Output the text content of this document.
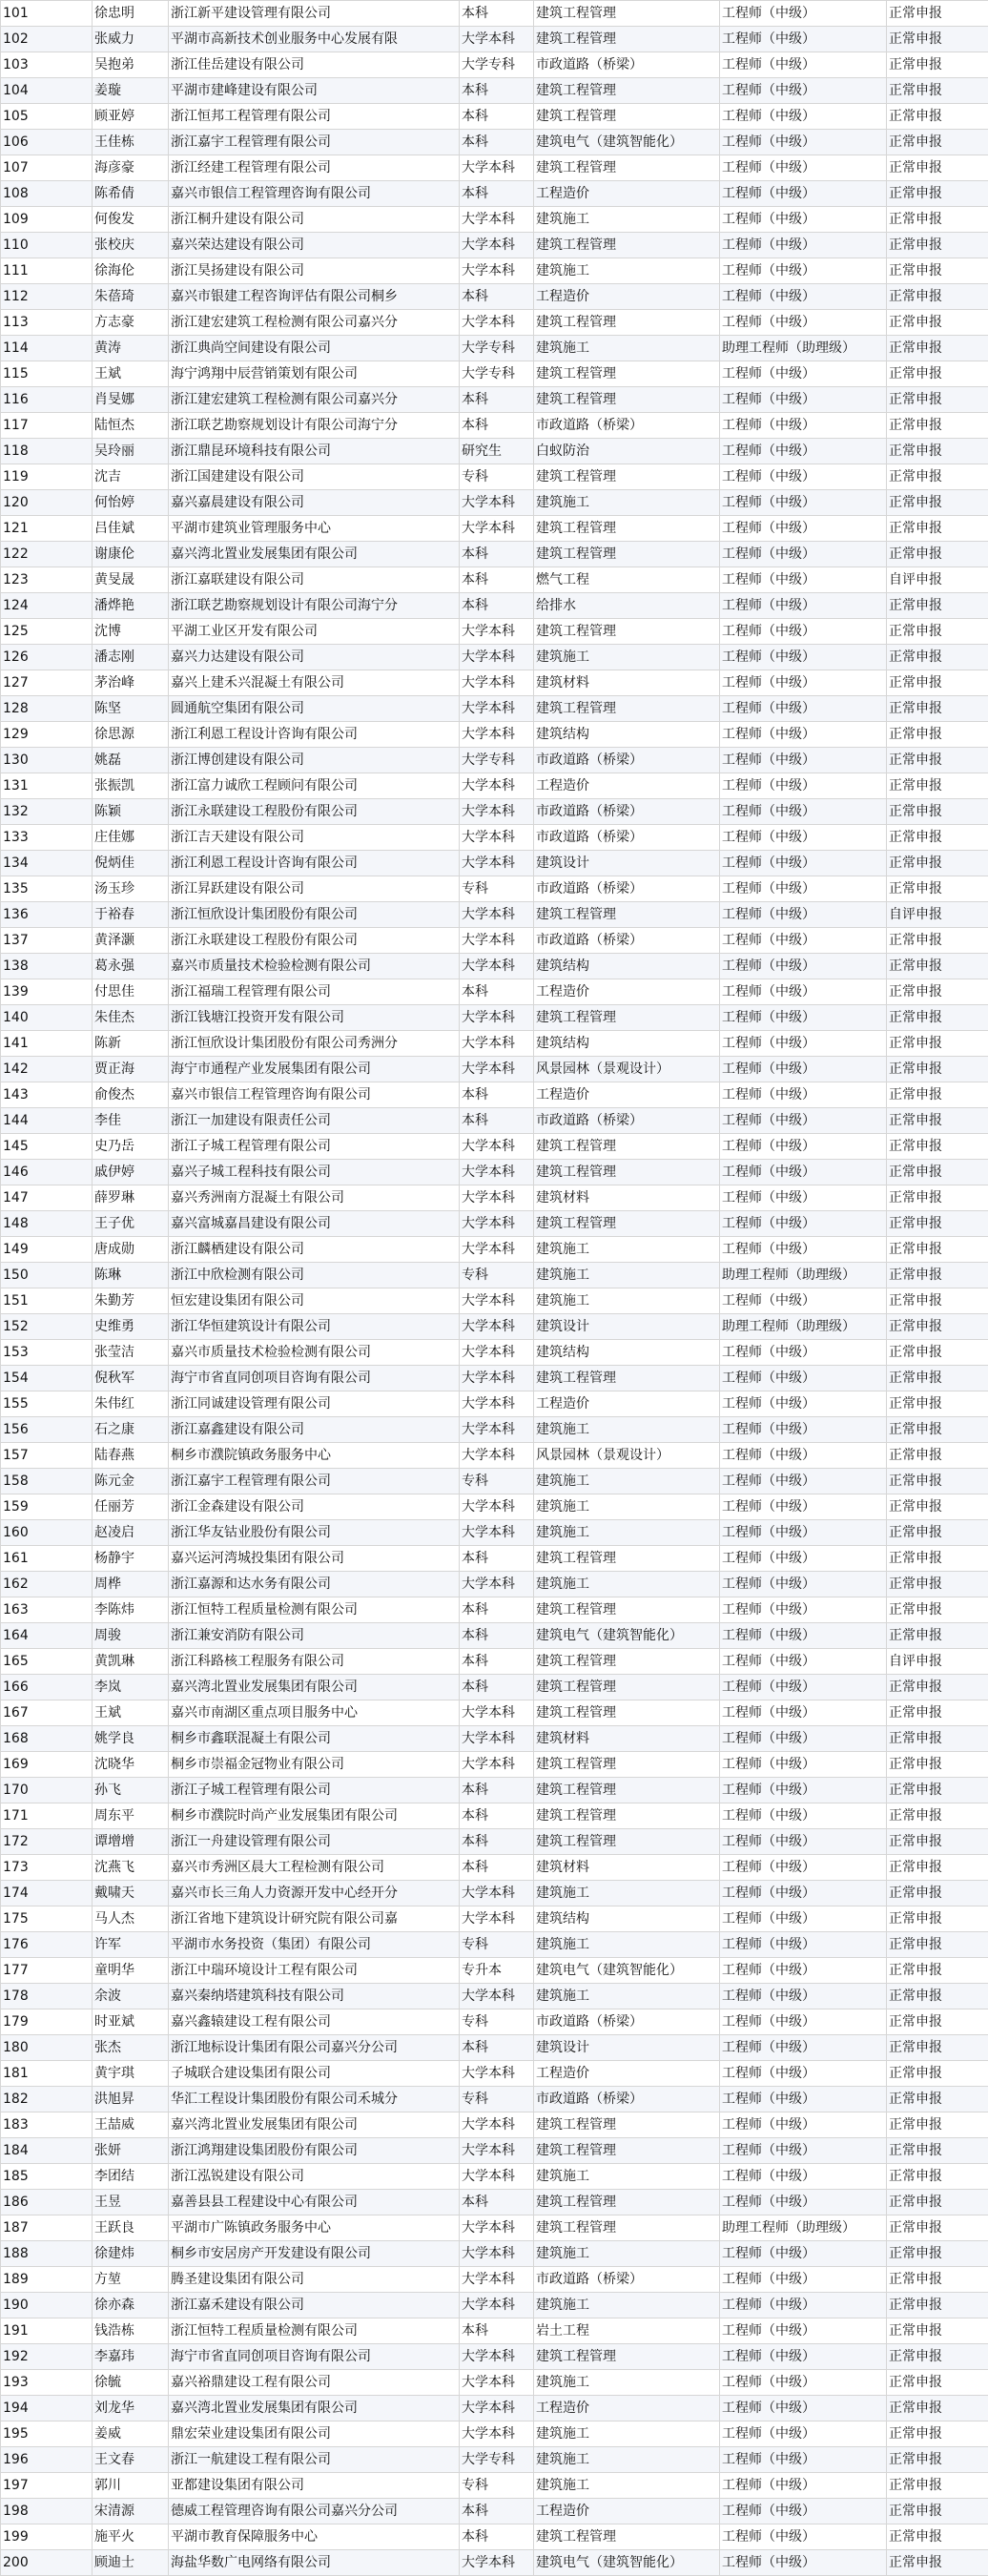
101	徐忠明	浙江新平建设管理有限公司	本科	建筑工程管理	工程师（中级）	正常申报
102	张威力	平湖市高新技术创业服务中心发展有限	大学本科	建筑工程管理	工程师（中级）	正常申报
103	吴抱弟	浙江佳岳建设有限公司	大学专科	市政道路（桥梁）	工程师（中级）	正常申报
104	姜璇	平湖市建峰建设有限公司	本科	建筑工程管理	工程师（中级）	正常申报
105	顾亚婷	浙江恒邦工程管理有限公司	本科	建筑工程管理	工程师（中级）	正常申报
106	王佳栋	浙江嘉宇工程管理有限公司	本科	建筑电气（建筑智能化）	工程师（中级）	正常申报
107	海彦豪	浙江经建工程管理有限公司	大学本科	建筑工程管理	工程师（中级）	正常申报
108	陈希倩	嘉兴市银信工程管理咨询有限公司	本科	工程造价	工程师（中级）	正常申报
109	何俊发	浙江桐升建设有限公司	大学本科	建筑施工	工程师（中级）	正常申报
110	张校庆	嘉兴荣达建设有限公司	大学本科	建筑工程管理	工程师（中级）	正常申报
111	徐海伦	浙江昊扬建设有限公司	大学本科	建筑施工	工程师（中级）	正常申报
112	朱蓓琦	嘉兴市银建工程咨询评估有限公司桐乡	本科	工程造价	工程师（中级）	正常申报
113	方志豪	浙江建宏建筑工程检测有限公司嘉兴分	大学本科	建筑工程管理	工程师（中级）	正常申报
114	黄涛	浙江典尚空间建设有限公司	大学专科	建筑施工	助理工程师（助理级）	正常申报
115	王斌	海宁鸿翔中辰营销策划有限公司	大学专科	建筑工程管理	工程师（中级）	正常申报
116	肖旻娜	浙江建宏建筑工程检测有限公司嘉兴分	本科	建筑工程管理	工程师（中级）	正常申报
117	陆恒杰	浙江联艺勘察规划设计有限公司海宁分	本科	市政道路（桥梁）	工程师（中级）	正常申报
118	吴玲丽	浙江鼎昆环境科技有限公司	研究生	白蚁防治	工程师（中级）	正常申报
119	沈吉	浙江国建建设有限公司	专科	建筑工程管理	工程师（中级）	正常申报
120	何怡婷	嘉兴嘉晨建设有限公司	大学本科	建筑施工	工程师（中级）	正常申报
121	吕佳斌	平湖市建筑业管理服务中心	大学本科	建筑工程管理	工程师（中级）	正常申报
122	谢康伦	嘉兴湾北置业发展集团有限公司	本科	建筑工程管理	工程师（中级）	正常申报
123	黄旻晟	浙江嘉联建设有限公司	本科	燃气工程	工程师（中级）	自评申报
124	潘烨艳	浙江联艺勘察规划设计有限公司海宁分	本科	给排水	工程师（中级）	正常申报
125	沈博	平湖工业区开发有限公司	大学本科	建筑工程管理	工程师（中级）	正常申报
126	潘志刚	嘉兴力达建设有限公司	大学本科	建筑施工	工程师（中级）	正常申报
127	茅治峰	嘉兴上建禾兴混凝土有限公司	大学本科	建筑材料	工程师（中级）	正常申报
128	陈坚	圆通航空集团有限公司	大学本科	建筑工程管理	工程师（中级）	正常申报
129	徐思源	浙江利恩工程设计咨询有限公司	大学本科	建筑结构	工程师（中级）	正常申报
130	姚磊	浙江博创建设有限公司	大学专科	市政道路（桥梁）	工程师（中级）	正常申报
131	张振凯	浙江富力诚欣工程顾问有限公司	大学本科	工程造价	工程师（中级）	正常申报
132	陈颖	浙江永联建设工程股份有限公司	大学本科	市政道路（桥梁）	工程师（中级）	正常申报
133	庄佳娜	浙江吉天建设有限公司	大学本科	市政道路（桥梁）	工程师（中级）	正常申报
134	倪炳佳	浙江利恩工程设计咨询有限公司	大学本科	建筑设计	工程师（中级）	正常申报
135	汤玉珍	浙江昇跃建设有限公司	专科	市政道路（桥梁）	工程师（中级）	正常申报
136	于裕春	浙江恒欣设计集团股份有限公司	大学本科	建筑工程管理	工程师（中级）	自评申报
137	黄泽灏	浙江永联建设工程股份有限公司	大学本科	市政道路（桥梁）	工程师（中级）	正常申报
138	葛永强	嘉兴市质量技术检验检测有限公司	大学本科	建筑结构	工程师（中级）	正常申报
139	付思佳	浙江福瑞工程管理有限公司	本科	工程造价	工程师（中级）	正常申报
140	朱佳杰	浙江钱塘江投资开发有限公司	大学本科	建筑工程管理	工程师（中级）	正常申报
141	陈新	浙江恒欣设计集团股份有限公司秀洲分	大学本科	建筑结构	工程师（中级）	正常申报
142	贾正海	海宁市通程产业发展集团有限公司	大学本科	风景园林（景观设计）	工程师（中级）	正常申报
143	俞俊杰	嘉兴市银信工程管理咨询有限公司	本科	工程造价	工程师（中级）	正常申报
144	李佳	浙江一加建设有限责任公司	本科	市政道路（桥梁）	工程师（中级）	正常申报
145	史乃岳	浙江子城工程管理有限公司	大学本科	建筑工程管理	工程师（中级）	正常申报
146	戚伊婷	嘉兴子城工程科技有限公司	大学本科	建筑工程管理	工程师（中级）	正常申报
147	薛罗琳	嘉兴秀洲南方混凝土有限公司	大学本科	建筑材料	工程师（中级）	正常申报
148	王子优	嘉兴富城嘉昌建设有限公司	大学本科	建筑工程管理	工程师（中级）	正常申报
149	唐成勋	浙江麟栖建设有限公司	大学本科	建筑施工	工程师（中级）	正常申报
150	陈琳	浙江中欣检测有限公司	专科	建筑施工	助理工程师（助理级）	正常申报
151	朱勤芳	恒宏建设集团有限公司	大学本科	建筑施工	工程师（中级）	正常申报
152	史维勇	浙江华恒建筑设计有限公司	大学本科	建筑设计	助理工程师（助理级）	正常申报
153	张莹洁	嘉兴市质量技术检验检测有限公司	大学本科	建筑结构	工程师（中级）	正常申报
154	倪秋军	海宁市省直同创项目咨询有限公司	大学本科	建筑工程管理	工程师（中级）	正常申报
155	朱伟红	浙江同诚建设管理有限公司	大学本科	工程造价	工程师（中级）	正常申报
156	石之康	浙江嘉鑫建设有限公司	大学本科	建筑施工	工程师（中级）	正常申报
157	陆春燕	桐乡市濮院镇政务服务中心	大学本科	风景园林（景观设计）	工程师（中级）	正常申报
158	陈元金	浙江嘉宇工程管理有限公司	专科	建筑施工	工程师（中级）	正常申报
159	任丽芳	浙江金森建设有限公司	大学本科	建筑施工	工程师（中级）	正常申报
160	赵凌启	浙江华友钴业股份有限公司	大学本科	建筑施工	工程师（中级）	正常申报
161	杨静宇	嘉兴运河湾城投集团有限公司	本科	建筑工程管理	工程师（中级）	正常申报
162	周桦	浙江嘉源和达水务有限公司	大学本科	建筑施工	工程师（中级）	正常申报
163	李陈炜	浙江恒特工程质量检测有限公司	本科	建筑工程管理	工程师（中级）	正常申报
164	周骏	浙江兼安消防有限公司	本科	建筑电气（建筑智能化）	工程师（中级）	正常申报
165	黄凯琳	浙江科路核工程服务有限公司	本科	建筑工程管理	工程师（中级）	自评申报
166	李岚	嘉兴湾北置业发展集团有限公司	本科	建筑工程管理	工程师（中级）	正常申报
167	王斌	嘉兴市南湖区重点项目服务中心	大学本科	建筑工程管理	工程师（中级）	正常申报
168	姚学良	桐乡市鑫联混凝土有限公司	大学本科	建筑材料	工程师（中级）	正常申报
169	沈晓华	桐乡市崇福金冠物业有限公司	大学本科	建筑工程管理	工程师（中级）	正常申报
170	孙飞	浙江子城工程管理有限公司	本科	建筑工程管理	工程师（中级）	正常申报
171	周东平	桐乡市濮院时尚产业发展集团有限公司	本科	建筑工程管理	工程师（中级）	正常申报
172	谭增增	浙江一舟建设管理有限公司	本科	建筑工程管理	工程师（中级）	正常申报
173	沈燕飞	嘉兴市秀洲区晨大工程检测有限公司	本科	建筑材料	工程师（中级）	正常申报
174	戴啸天	嘉兴市长三角人力资源开发中心经开分	大学本科	建筑施工	工程师（中级）	正常申报
175	马人杰	浙江省地下建筑设计研究院有限公司嘉	大学本科	建筑结构	工程师（中级）	正常申报
176	许军	平湖市水务投资（集团）有限公司	专科	建筑施工	工程师（中级）	正常申报
177	童明华	浙江中瑞环境设计工程有限公司	专升本	建筑电气（建筑智能化）	工程师（中级）	正常申报
178	余波	嘉兴秦纳塔建筑科技有限公司	大学本科	建筑施工	工程师（中级）	正常申报
179	时亚斌	嘉兴鑫辕建设工程有限公司	专科	市政道路（桥梁）	工程师（中级）	正常申报
180	张杰	浙江地标设计集团有限公司嘉兴分公司	本科	建筑设计	工程师（中级）	正常申报
181	黄宇琪	子城联合建设集团有限公司	大学本科	工程造价	工程师（中级）	正常申报
182	洪旭昇	华汇工程设计集团股份有限公司禾城分	专科	市政道路（桥梁）	工程师（中级）	正常申报
183	王喆威	嘉兴湾北置业发展集团有限公司	大学本科	建筑工程管理	工程师（中级）	正常申报
184	张妍	浙江鸿翔建设集团股份有限公司	大学本科	建筑工程管理	工程师（中级）	正常申报
185	李团结	浙江泓锐建设有限公司	大学本科	建筑施工	工程师（中级）	正常申报
186	王昱	嘉善县县工程建设中心有限公司	本科	建筑工程管理	工程师（中级）	正常申报
187	王跃良	平湖市广陈镇政务服务中心	大学本科	建筑工程管理	助理工程师（助理级）	正常申报
188	徐建炜	桐乡市安居房产开发建设有限公司	大学本科	建筑施工	工程师（中级）	正常申报
189	方堃	腾圣建设集团有限公司	大学本科	市政道路（桥梁）	工程师（中级）	正常申报
190	徐亦森	浙江嘉禾建设有限公司	大学本科	建筑施工	工程师（中级）	正常申报
191	钱浩栋	浙江恒特工程质量检测有限公司	本科	岩土工程	工程师（中级）	正常申报
192	李嘉玮	海宁市省直同创项目咨询有限公司	大学本科	建筑工程管理	工程师（中级）	正常申报
193	徐毓	嘉兴裕鼎建设工程有限公司	大学本科	建筑施工	工程师（中级）	正常申报
194	刘龙华	嘉兴湾北置业发展集团有限公司	大学本科	工程造价	工程师（中级）	正常申报
195	姜威	鼎宏荣业建设集团有限公司	大学本科	建筑施工	工程师（中级）	正常申报
196	王文春	浙江一航建设工程有限公司	大学专科	建筑施工	工程师（中级）	正常申报
197	郭川	亚都建设集团有限公司	专科	建筑施工	工程师（中级）	正常申报
198	宋清源	德威工程管理咨询有限公司嘉兴分公司	本科	工程造价	工程师（中级）	正常申报
199	施平火	平湖市教育保障服务中心	本科	建筑工程管理	工程师（中级）	正常申报
200	顾迪士	海盐华数广电网络有限公司	大学本科	建筑电气（建筑智能化）	工程师（中级）	正常申报
